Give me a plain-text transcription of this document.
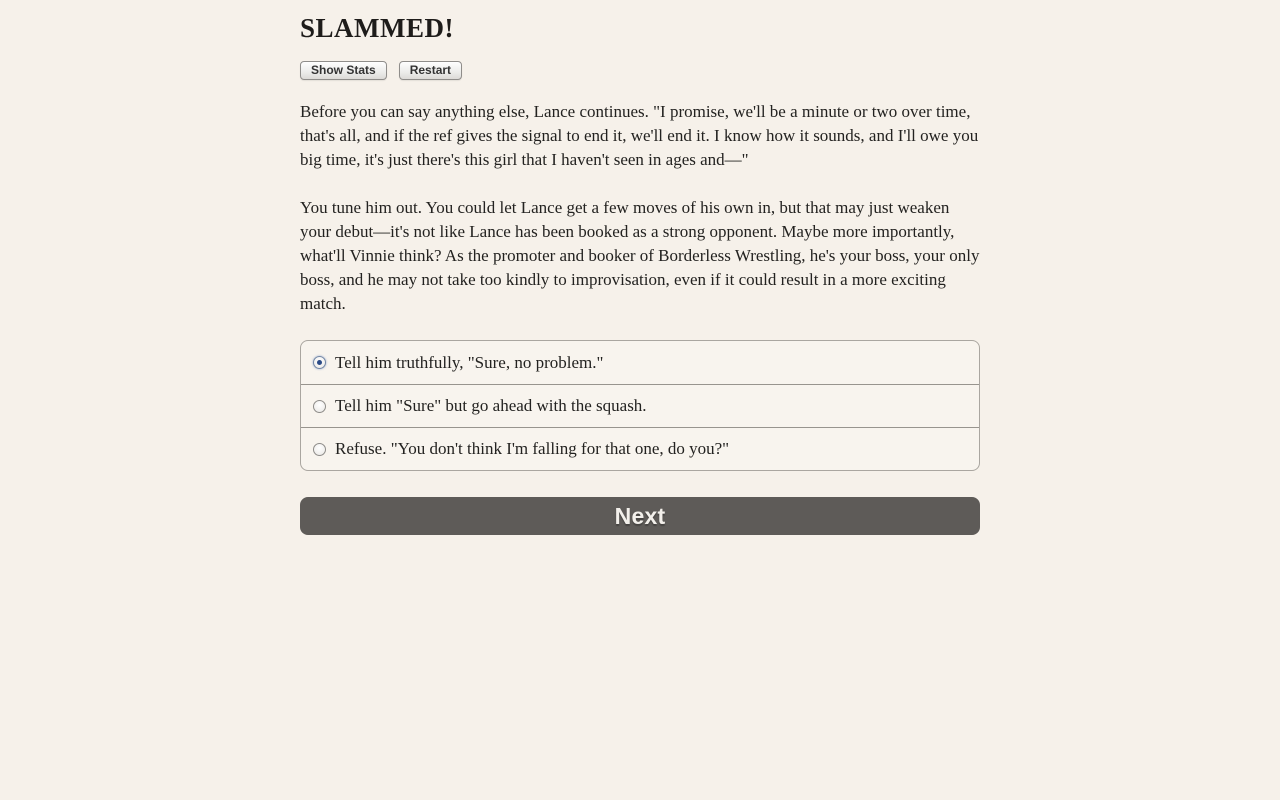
SLAMMED!
Show Stats	Restart

Before you can say anything else, Lance continues. "I promise, we'll be a minute or two over time, that's all, and if the ref gives the signal to end it, we'll end it. I know how it sounds, and I'll owe you big time, it's just there's this girl that I haven't seen in ages and—"

You tune him out. You could let Lance get a few moves of his own in, but that may just weaken your debut—it's not like Lance has been booked as a strong opponent. Maybe more importantly, what'll Vinnie think? As the promoter and booker of Borderless Wrestling, he's your boss, your only boss, and he may not take too kindly to improvisation, even if it could result in a more exciting match.

Tell him truthfully, "Sure, no problem."
Tell him "Sure" but go ahead with the squash.
Refuse. "You don't think I'm falling for that one, do you?"
Next
